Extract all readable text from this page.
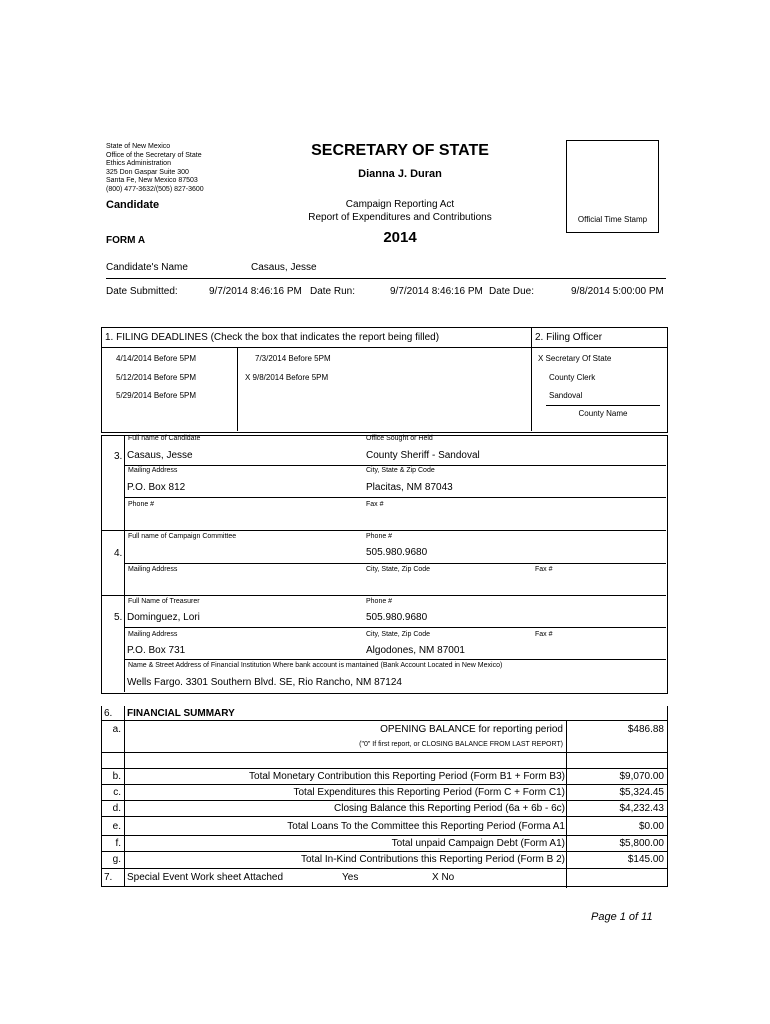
State of New Mexico
Office of the Secretary of State
Ethics Administration
325 Don Gaspar Suite 300
Santa Fe, New Mexico 87503
(800) 477-3632/(505) 827-3600
SECRETARY OF STATE
Dianna J. Duran
Campaign Reporting Act
Report of Expenditures and Contributions
2014
Candidate
FORM A
Official Time Stamp
Candidate's Name	Casaus, Jesse
Date Submitted:	9/7/2014 8:46:16 PM Date Run:	9/7/2014 8:46:16 PM Date Due:	9/8/2014 5:00:00 PM
1. FILING DEADLINES (Check the box that indicates the report being filled)	2. Filing Officer
4/14/2014 Before 5PM
5/12/2014 Before 5PM
5/29/2014 Before 5PM
7/3/2014 Before 5PM
X 9/8/2014 Before 5PM
X Secretary Of State
County Clerk
Sandoval
County Name
3.
Full name of Candidate
Casaus, Jesse
Office Sought or Held
County Sheriff - Sandoval
Mailing Address
P.O. Box 812
City, State & Zip Code
Placitas, NM 87043
Phone #	Fax #
4.
Full name of Campaign Committee	Phone #
505.980.9680
Mailing Address	City, State, Zip Code	Fax #
5.
Full Name of Treasurer
Dominguez, Lori
Phone #
505.980.9680
Mailing Address
P.O. Box 731
City, State, Zip Code
Algodones, NM 87001
Fax #
Name & Street Address of Financial Institution Where bank account is mantained (Bank Account Located in New Mexico)
Wells Fargo. 3301 Southern Blvd. SE, Rio Rancho, NM 87124
6. FINANCIAL SUMMARY
a.	OPENING BALANCE for reporting period	$486.88
("0" If first report, or CLOSING BALANCE FROM LAST REPORT)
b.	Total Monetary Contribution this Reporting Period (Form B1 + Form B3)	$9,070.00
c.	Total Expenditures this Reporting Period (Form C + Form C1)	$5,324.45
d.	Closing Balance this Reporting Period (6a + 6b - 6c)	$4,232.43
e.	Total Loans To the Committee this Reporting Period (Forma A1	$0.00
f.	Total unpaid Campaign Debt (Form A1)	$5,800.00
g.	Total In-Kind Contributions this Reporting Period (Form B 2)	$145.00
7. Special Event Work sheet Attached	Yes	X No
Page 1 of 11
